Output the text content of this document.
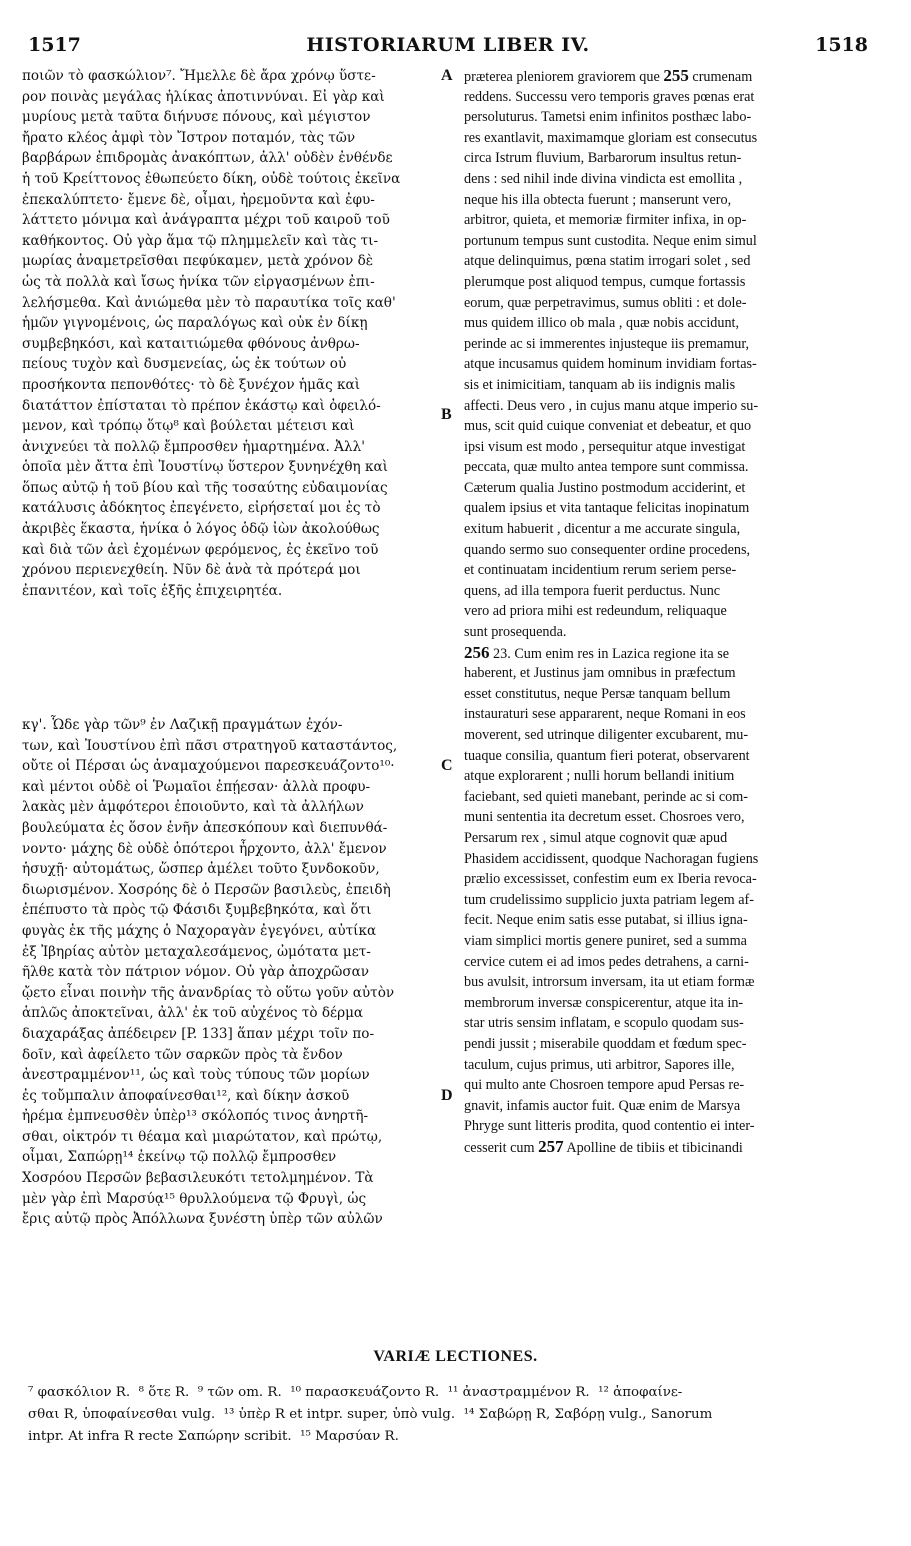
HISTORIARUM LIBER IV.
1517	1518
ποιῶν τὸ φασκώλιον⁷. Ἤμελλε δὲ ἄρα χρόνῳ ὕστε-
ρον ποινὰς μεγάλας ἡλίκας ἀποτιννύναι. Εἰ γὰρ καὶ
μυρίους μετὰ ταῦτα διήνυσε πόνους, καὶ μέγιστον
ἤρατο κλέος ἀμφὶ τὸν Ἴστρον ποταμόν, τὰς τῶν
βαρβάρων ἐπιδρομὰς ἀνακόπτων, ἀλλ' οὐδὲν ἐνθένδε
ἡ τοῦ Κρείττονος ἐθωπεύετο δίκη, οὐδὲ τούτοις ἐκεῖνα
ἐπεκαλύπτετο· ἔμενε δὲ, οἶμαι, ἠρεμοῦντα καὶ ἐφυ-
λάττετο μόνιμα καὶ ἀνάγραπτα μέχρι τοῦ καιροῦ τοῦ
καθήκοντος. Οὐ γὰρ ἅμα τῷ πλημμελεῖν καὶ τὰς τι-
μωρίας ἀναμετρεῖσθαι πεφύκαμεν, μετὰ χρόνον δὲ
ὡς τὰ πολλὰ καὶ ἴσως ἡνίκα τῶν εἰργασμένων ἐπι-
λελήσμεθα. Καὶ ἀνιώμεθα μὲν τὸ παραυτίκα τοῖς καθ'
ἡμῶν γιγνομένοις, ὡς παραλόγως καὶ οὐκ ἐν δίκῃ
συμβεβηκόσι, καὶ καταιτιώμεθα φθόνους ἀνθρω-
πείους τυχὸν καὶ δυσμενείας, ὡς ἐκ τούτων οὐ
προσήκοντα πεπονθότες· τὸ δὲ ξυνέχον ἡμᾶς καὶ
διατάττον ἐπίσταται τὸ πρέπον ἑκάστῳ καὶ ὀφειλό-
μενον, καὶ τρόπῳ ὅτῳ⁸ καὶ βούλεται μέτεισι καὶ
ἀνιχνεύει τὰ πολλῷ ἔμπροσθεν ἡμαρτημένα. Ἀλλ'
ὁποῖα μὲν ἄττα ἐπὶ Ἰουστίνῳ ὕστερον ξυνηνέχθη καὶ
ὅπως αὐτῷ ἡ τοῦ βίου καὶ τῆς τοσαύτης εὐδαιμονίας
κατάλυσις ἀδόκητος ἐπεγένετο, εἰρήσεταί μοι ἐς τὸ
ἀκριβὲς ἕκαστα, ἡνίκα ὁ λόγος ὁδῷ ἰὼν ἀκολούθως
καὶ διὰ τῶν ἀεὶ ἐχομένων φερόμενος, ἐς ἐκεῖνο τοῦ
χρόνου περιενεχθείη. Νῦν δὲ ἀνὰ τὰ πρότερά μοι
ἐπανιτέον, καὶ τοῖς ἑξῆς ἐπιχειρητέα.
κγ'. Ὧδε γὰρ τῶν⁹ ἐν Λαζικῇ πραγμάτων ἐχόν-
των, καὶ Ἰουστίνου ἐπὶ πᾶσι στρατηγοῦ καταστάντος,
οὔτε οἱ Πέρσαι ὡς ἀναμαχούμενοι παρεσκευάζοντο¹⁰·
καὶ μέντοι οὐδὲ οἱ Ῥωμαῖοι ἐπῄεσαν· ἀλλὰ προφυ-
λακὰς μὲν ἀμφότεροι ἐποιοῦντο, καὶ τὰ ἀλλήλων
βουλεύματα ἐς ὅσον ἐνῆν ἀπεσκόπουν καὶ διεπυνθά-
νοντο· μάχης δὲ οὐδὲ ὁπότεροι ἦρχοντο, ἀλλ' ἔμενον
ἡσυχῇ· αὐτομάτως, ὥσπερ ἀμέλει τοῦτο ξυνδοκοῦν,
διωρισμένον. Χοσρόης δὲ ὁ Περσῶν βασιλεὺς, ἐπειδὴ
ἐπέπυστο τὰ πρὸς τῷ Φάσιδι ξυμβεβηκότα, καὶ ὅτι
φυγὰς ἐκ τῆς μάχης ὁ Ναχοραγὰν ἐγεγόνει, αὐτίκα
ἐξ Ἰβηρίας αὐτὸν μεταχαλεσάμενος, ὠμότατα μετ-
ῆλθε κατὰ τὸν πάτριον νόμον. Οὐ γὰρ ἀποχρῶσαν
ᾤετο εἶναι ποινὴν τῆς ἀνανδρίας τὸ οὕτω γοῦν αὐτὸν
ἁπλῶς ἀποκτεῖναι, ἀλλ' ἐκ τοῦ αὐχένος τὸ δέρμα
διαχαράξας ἀπέδειρεν [P. 133] ἅπαν μέχρι τοῖν πο-
δοῖν, καὶ ἀφείλετο τῶν σαρκῶν πρὸς τὰ ἔνδον
ἀνεστραμμένον¹¹, ὡς καὶ τοὺς τύπους τῶν μορίων
ἐς τοὔμπαλιν ἀποφαίνεσθαι¹², καὶ δίκην ἀσκοῦ
ἠρέμα ἐμπνευσθὲν ὑπὲρ¹³ σκόλοπός τινος ἀνηρτῆ-
σθαι, οἰκτρόν τι θέαμα καὶ μιαρώτατον, καὶ πρώτῳ,
οἶμαι, Σαπώρῃ¹⁴ ἐκείνῳ τῷ πολλῷ ἔμπροσθεν
Χοσρόου Περσῶν βεβασιλευκότι τετολμημένον. Τὰ
μὲν γὰρ ἐπὶ Μαρσύᾳ¹⁵ θρυλλούμενα τῷ Φρυγὶ, ὡς
ἔρις αὐτῷ πρὸς Ἀπόλλωνα ξυνέστη ὑπὲρ τῶν αὐλῶν
præterea pleniorem graviorem que 255 crumenam
reddens. Successu vero temporis graves pœnas erat
persoluturus. Tametsi enim infinitos posthæc labo-
res exantlavit, maximamque gloriam est consecutus
circa Istrum fluvium, Barbarorum insultus retun-
dens : sed nihil inde divina vindicta est emollita ,
neque his illa obtecta fuerunt ; manserunt vero,
arbitror, quieta, et memoriæ firmiter infixa, in op-
portunum tempus sunt custodita. Neque enim simul
atque delinquimus, pœna statim irrogari solet , sed
plerumque post aliquod tempus, cumque fortassis
eorum, quæ perpetravimus, sumus obliti : et dole-
mus quidem illico ob mala , quæ nobis accidunt,
perinde ac si immerentes injusteque iis premamur,
atque incusamus quidem hominum invidiam fortas-
sis et inimicitiam, tanquam ab iis indignis malis
affecti. Deus vero , in cujus manu atque imperio su-
mus, scit quid cuique conveniat et debeatur, et quo
ipsi visum est modo , persequitur atque investigat
peccata, quæ multo antea tempore sunt commissa.
Cæterum qualia Justino postmodum acciderint, et
qualem ipsius et vita tantaque felicitas inopinatum
exitum habuerit , dicentur a me accurate singula,
quando sermo suo consequenter ordine procedens,
et continuatam incidentium rerum seriem perse-
quens, ad illa tempora fuerit perductus. Nunc
vero ad priora mihi est redeundum, reliquaque
sunt prosequenda.
256 23. Cum enim res in Lazica regione ita se
haberent, et Justinus jam omnibus in præfectum
esset constitutus, neque Persæ tanquam bellum
instauraturi sese appararent, neque Romani in eos
moverent, sed utrinque diligenter excubarent, mu-
tuaque consilia, quantum fieri poterat, observarent
atque explorarent ; nulli horum bellandi initium
faciebant, sed quieti manebant, perinde ac si com-
muni sententia ita decretum esset. Chosroes vero,
Persarum rex , simul atque cognovit quæ apud
Phasidem accidissent, quodque Nachoragan fugiens
prælio excessisset, confestim eum ex Iberia revoca-
tum crudelissimo supplicio juxta patriam legem af-
fecit. Neque enim satis esse putabat, si illius igna-
viam simplici mortis genere puniret, sed a summa
cervice cutem ei ad imos pedes detrahens, a carni-
bus avulsit, introrsum inversam, ita ut etiam formæ
membrorum inversæ conspicerentur, atque ita in-
star utris sensim inflatam, e scopulo quodam sus-
pendi jussit ; miserabile quoddam et fœdum spec-
taculum, cujus primus, uti arbitror, Sapores ille,
qui multo ante Chosroen tempore apud Persas re-
gnavit, infamis auctor fuit. Quæ enim de Marsya
Phryge sunt litteris prodita, quod contentio ei inter-
cesserit cum 257 Apolline de tibiis et tibicinandi
A
B
C
D
VARIÆ LECTIONES.
⁷ φασκόλιον R.  ⁸ ὅτε R.  ⁹ τῶν om. R.  ¹⁰ παρασκευάζοντο R.  ¹¹ ἀναστραμμένον R.  ¹² ἀποφαίνε-
σθαι R, ὑποφαίνεσθαι vulg.  ¹³ ὑπὲρ R et intpr. super, ὑπὸ vulg.  ¹⁴ Σαβώρῃ R, Σαβόρῃ vulg., Sanorum
intpr. At infra R recte Σαπώρην scribit.  ¹⁵ Μαρσύαν R.
